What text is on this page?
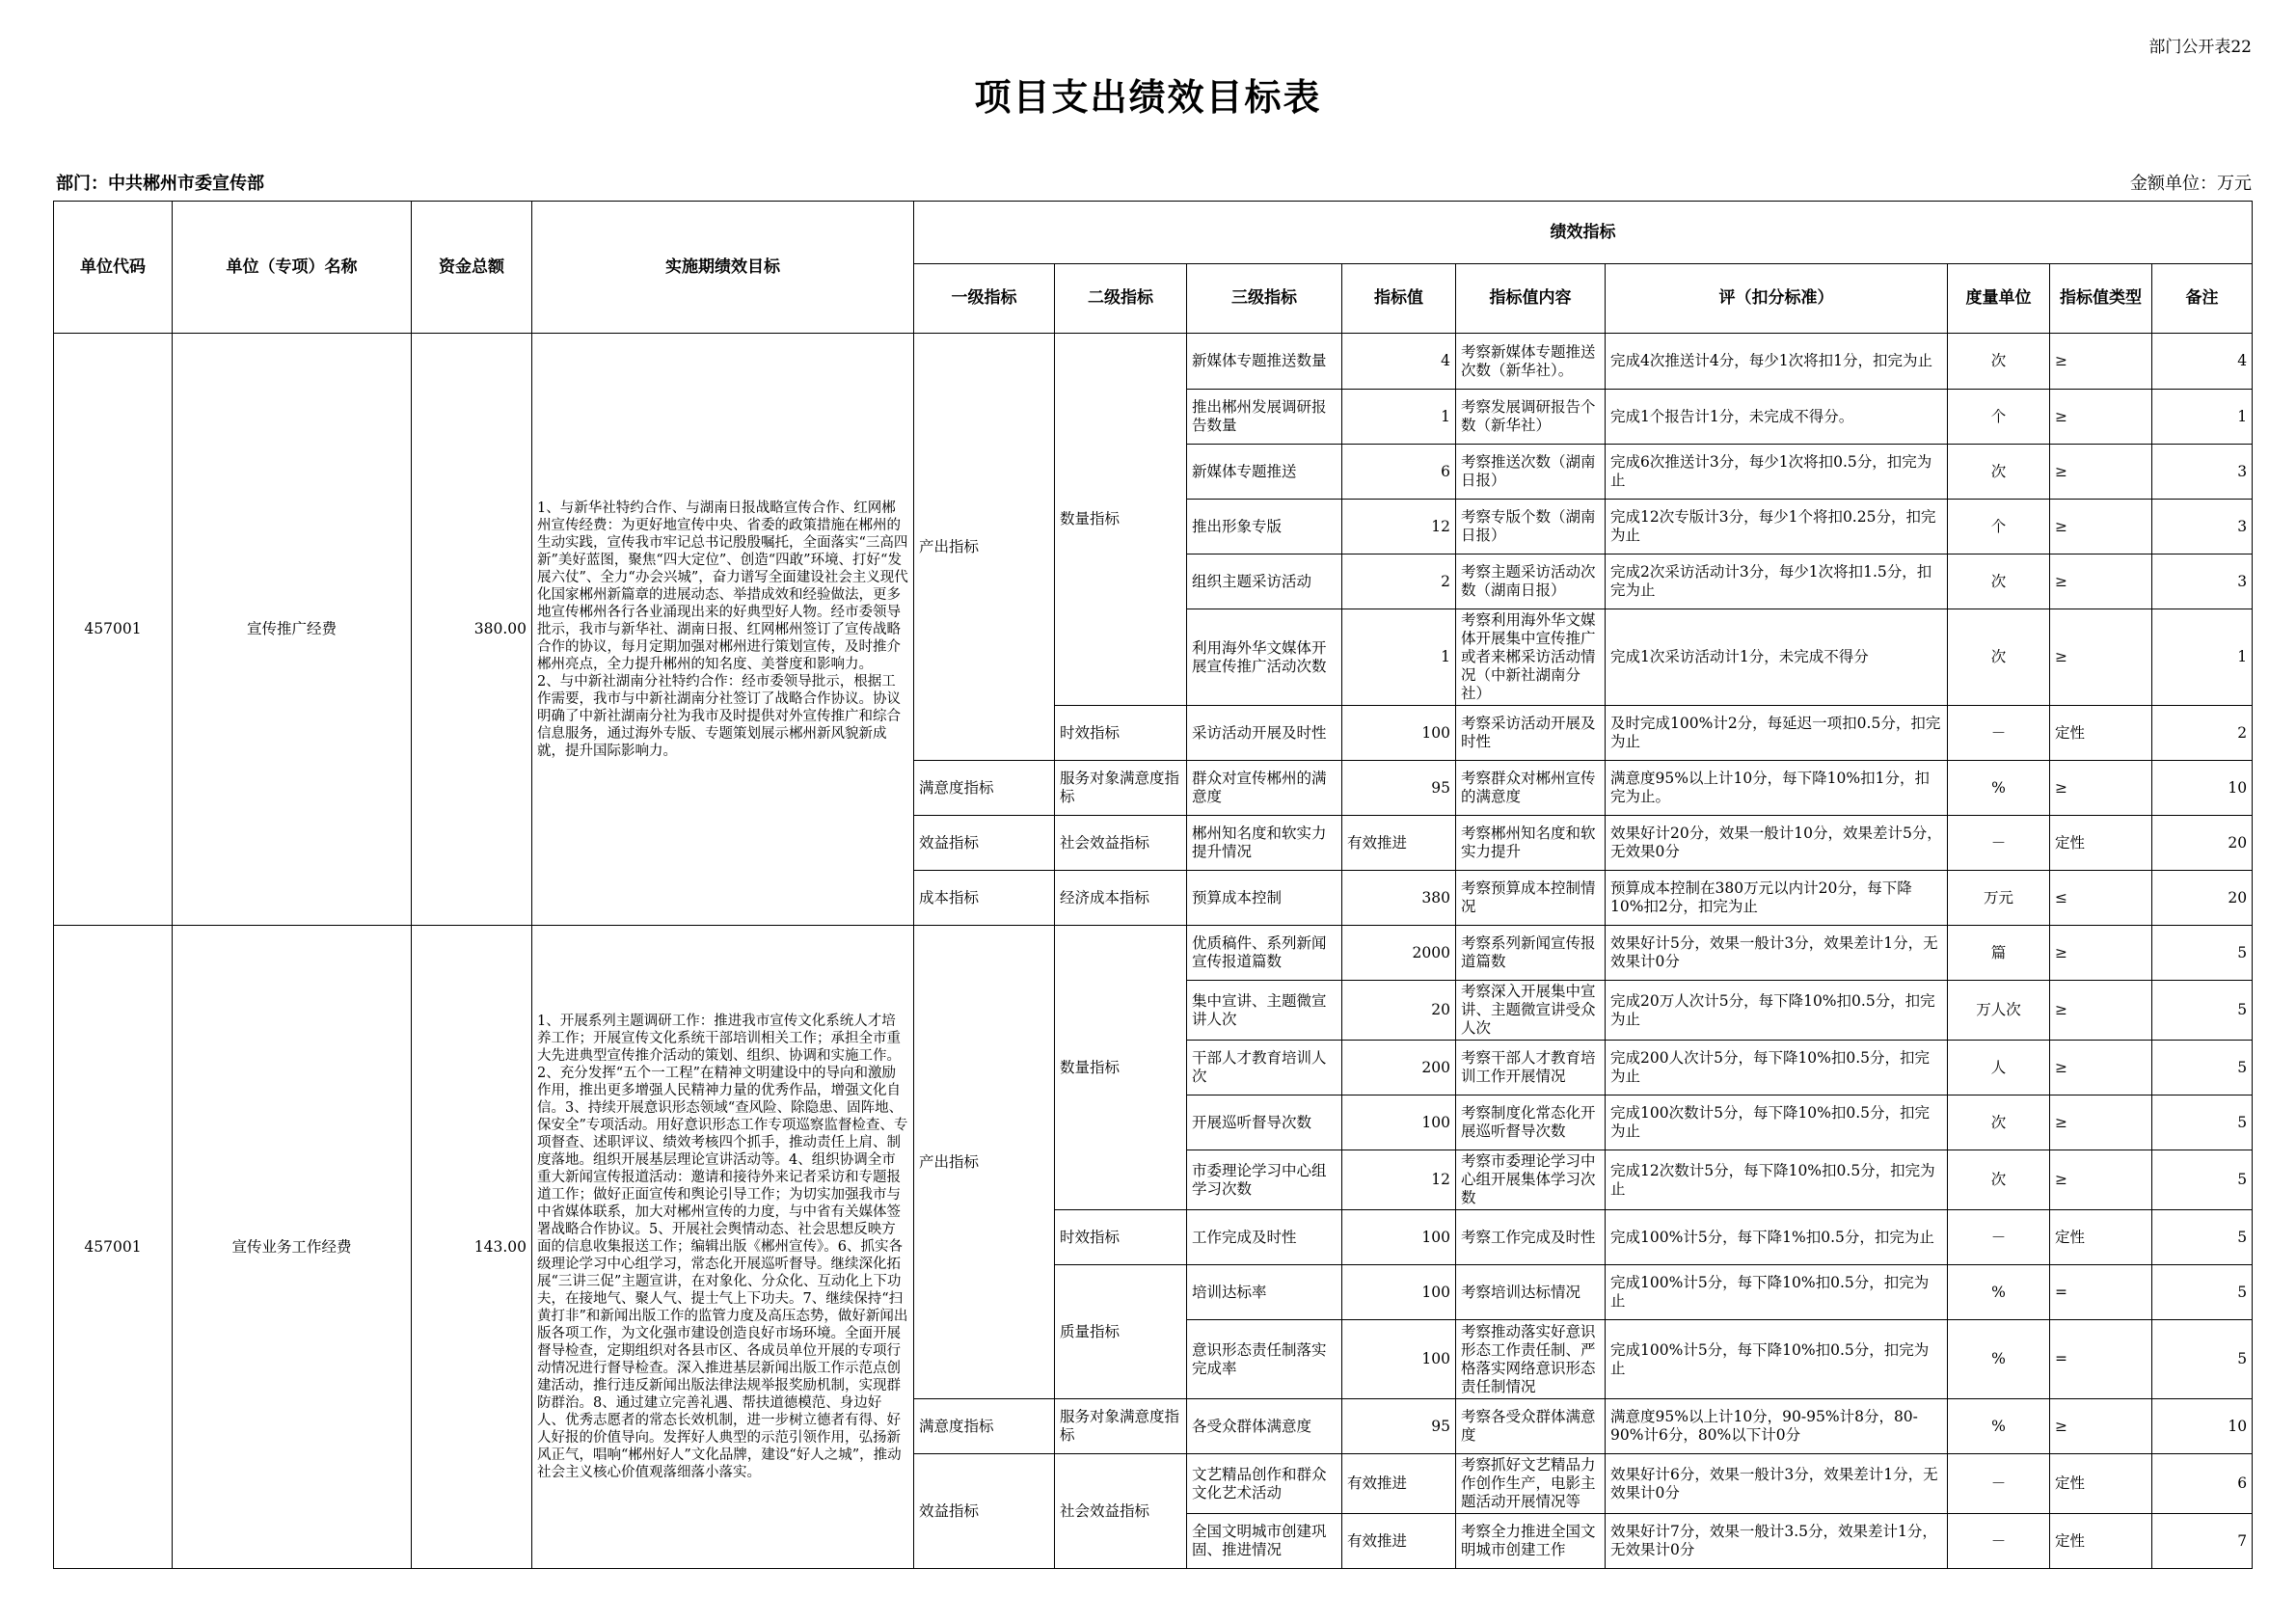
部门公开表22
项目支出绩效目标表
部门：中共郴州市委宣传部	金额单位：万元
单位代码	单位（专项）名称	资金总额	实施期绩效目标	绩效指标								
				一级指标	二级指标	三级指标	指标值	指标值内容	评（扣分标准）	度量单位	指标值类型	备注
457001	宣传推广经费	380.00	1、与新华社特约合作、与湖南日报战略宣传合作、红网郴州宣传经费：为更好地宣传中央、省委的政策措施在郴州的生动实践，宣传我市牢记总书记殷殷嘱托，全面落实“三高四新”美好蓝图，聚焦“四大定位”、创造“四敢”环境、打好“发展六仗”、全力“办会兴城”，奋力谱写全面建设社会主义现代化国家郴州新篇章的进展动态、举措成效和经验做法，更多地宣传郴州各行各业涌现出来的好典型好人物。经市委领导批示，我市与新华社、湖南日报、红网郴州签订了宣传战略合作的协议，每月定期加强对郴州进行策划宣传，及时推介郴州亮点，全力提升郴州的知名度、美誉度和影响力。
2、与中新社湖南分社特约合作：经市委领导批示，根据工作需要，我市与中新社湖南分社签订了战略合作协议。协议明确了中新社湖南分社为我市及时提供对外宣传推广和综合信息服务，通过海外专版、专题策划展示郴州新风貌新成就，提升国际影响力。	产出指标	数量指标	新媒体专题推送数量	4	考察新媒体专题推送次数（新华社）。	完成4次推送计4分，每少1次将扣1分，扣完为止	次	≥	4
						推出郴州发展调研报告数量	1	考察发展调研报告个数（新华社）	完成1个报告计1分，未完成不得分。	个	≥	1
						新媒体专题推送	6	考察推送次数（湖南日报）	完成6次推送计3分，每少1次将扣0.5分，扣完为止	次	≥	3
						推出形象专版	12	考察专版个数（湖南日报）	完成12次专版计3分，每少1个将扣0.25分，扣完为止	个	≥	3
						组织主题采访活动	2	考察主题采访活动次数（湖南日报）	完成2次采访活动计3分，每少1次将扣1.5分，扣完为止	次	≥	3
						利用海外华文媒体开展宣传推广活动次数	1	考察利用海外华文媒体开展集中宣传推广或者来郴采访活动情况（中新社湖南分社）	完成1次采访活动计1分，未完成不得分	次	≥	1
					时效指标	采访活动开展及时性	100	考察采访活动开展及时性	及时完成100%计2分，每延迟一项扣0.5分，扣完为止	－	定性	2
				满意度指标	服务对象满意度指标	群众对宣传郴州的满意度	95	考察群众对郴州宣传的满意度	满意度95%以上计10分，每下降10%扣1分，扣完为止。	%	≥	10
				效益指标	社会效益指标	郴州知名度和软实力提升情况	有效推进	考察郴州知名度和软实力提升	效果好计20分，效果一般计10分，效果差计5分，无效果0分	－	定性	20
				成本指标	经济成本指标	预算成本控制	380	考察预算成本控制情况	预算成本控制在380万元以内计20分，每下降10%扣2分，扣完为止	万元	≤	20
457001	宣传业务工作经费	143.00	1、开展系列主题调研工作：推进我市宣传文化系统人才培养工作；开展宣传文化系统干部培训相关工作；承担全市重大先进典型宣传推介活动的策划、组织、协调和实施工作。2、充分发挥“五个一工程”在精神文明建设中的导向和激励作用，推出更多增强人民精神力量的优秀作品，增强文化自信。3、持续开展意识形态领域“查风险、除隐患、固阵地、保安全”专项活动。用好意识形态工作专项巡察监督检查、专项督查、述职评议、绩效考核四个抓手，推动责任上肩、制度落地。组织开展基层理论宣讲活动等。4、组织协调全市重大新闻宣传报道活动：邀请和接待外来记者采访和专题报道工作；做好正面宣传和舆论引导工作；为切实加强我市与中省媒体联系，加大对郴州宣传的力度，与中省有关媒体签署战略合作协议。5、开展社会舆情动态、社会思想反映方面的信息收集报送工作；编辑出版《郴州宣传》。6、抓实各级理论学习中心组学习，常态化开展巡听督导。继续深化拓展“三讲三促”主题宣讲，在对象化、分众化、互动化上下功夫，在接地气、聚人气、提士气上下功夫。7、继续保持“扫黄打非”和新闻出版工作的监管力度及高压态势，做好新闻出版各项工作，为文化强市建设创造良好市场环境。全面开展督导检查，定期组织对各县市区、各成员单位开展的专项行动情况进行督导检查。深入推进基层新闻出版工作示范点创建活动，推行违反新闻出版法律法规举报奖励机制，实现群防群治。8、通过建立完善礼遇、帮扶道德模范、身边好人、优秀志愿者的常态长效机制，进一步树立德者有得、好人好报的价值导向。发挥好人典型的示范引领作用，弘扬新风正气，唱响“郴州好人”文化品牌，建设“好人之城”，推动社会主义核心价值观落细落小落实。	产出指标	数量指标	优质稿件、系列新闻宣传报道篇数	2000	考察系列新闻宣传报道篇数	效果好计5分，效果一般计3分，效果差计1分，无效果计0分	篇	≥	5
						集中宣讲、主题微宣讲人次	20	考察深入开展集中宣讲、主题微宣讲受众人次	完成20万人次计5分，每下降10%扣0.5分，扣完为止	万人次	≥	5
						干部人才教育培训人次	200	考察干部人才教育培训工作开展情况	完成200人次计5分，每下降10%扣0.5分，扣完为止	人	≥	5
						开展巡听督导次数	100	考察制度化常态化开展巡听督导次数	完成100次数计5分，每下降10%扣0.5分，扣完为止	次	≥	5
						市委理论学习中心组学习次数	12	考察市委理论学习中心组开展集体学习次数	完成12次数计5分，每下降10%扣0.5分，扣完为止	次	≥	5
					时效指标	工作完成及时性	100	考察工作完成及时性	完成100%计5分，每下降1%扣0.5分，扣完为止	－	定性	5
					质量指标	培训达标率	100	考察培训达标情况	完成100%计5分，每下降10%扣0.5分，扣完为止	%	=	5
						意识形态责任制落实完成率	100	考察推动落实好意识形态工作责任制、严格落实网络意识形态责任制情况	完成100%计5分，每下降10%扣0.5分，扣完为止	%	=	5
				满意度指标	服务对象满意度指标	各受众群体满意度	95	考察各受众群体满意度	满意度95%以上计10分，90-95%计8分，80-90%计6分，80%以下计0分	%	≥	10
				效益指标	社会效益指标	文艺精品创作和群众文化艺术活动	有效推进	考察抓好文艺精品力作创作生产，电影主题活动开展情况等	效果好计6分，效果一般计3分，效果差计1分，无效果计0分	－	定性	6
						全国文明城市创建巩固、推进情况	有效推进	考察全力推进全国文明城市创建工作	效果好计7分，效果一般计3.5分，效果差计1分，无效果计0分	－	定性	7
